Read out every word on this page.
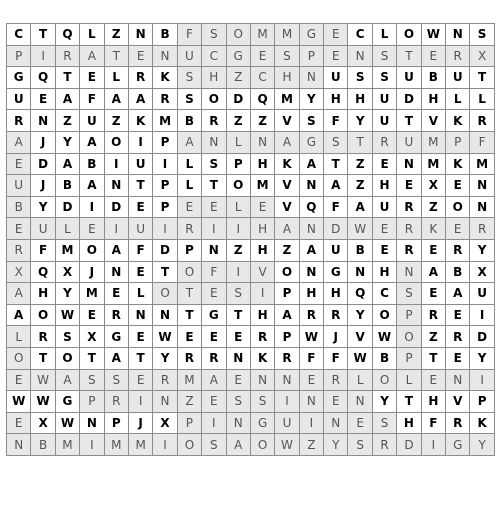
C	T	Q	L	Z	N	B	F	S	O	M	M	G	E	C	L	O	W	N	S
P	I	R	A	T	E	N	U	C	G	E	S	P	E	N	S	T	E	R	X
G	Q	T	E	L	R	K	S	H	Z	C	H	N	U	S	S	U	B	U	T
U	E	A	F	A	A	R	S	O	D	Q	M	Y	H	H	U	D	H	L	L
R	N	Z	U	Z	K	M	B	R	Z	Z	V	S	F	Y	U	T	V	K	R
A	J	Y	A	O	I	P	A	N	L	N	A	G	S	T	R	U	M	P	F
E	D	A	B	I	U	I	L	S	P	H	K	A	T	Z	E	N	M	K	M
U	J	B	A	N	T	P	L	T	O	M	V	N	A	Z	H	E	X	E	N
B	Y	D	I	D	E	P	E	E	L	E	V	Q	F	A	U	R	Z	O	N
E	U	L	E	I	U	I	R	I	I	H	A	N	D	W	E	R	K	E	R
R	F	M	O	A	F	D	P	N	Z	H	Z	A	U	B	E	R	E	R	Y
X	Q	X	J	N	E	T	O	F	I	V	O	N	G	N	H	N	A	B	X
A	H	Y	M	E	L	O	T	E	S	I	P	H	H	Q	C	S	E	A	U
A	O	W	E	R	N	N	T	G	T	H	A	R	R	Y	O	P	R	E	I
L	R	S	X	G	E	W	E	E	E	R	P	W	J	V	W	O	Z	R	D
O	T	O	T	A	T	Y	R	R	N	K	R	F	F	W	B	P	T	E	Y
E	W	A	S	S	E	R	M	A	E	N	N	E	R	L	O	L	E	N	I
W	W	G	P	R	I	N	Z	E	S	S	I	N	E	N	Y	T	H	V	P
E	X	W	N	P	J	X	P	I	N	G	U	I	N	E	S	H	F	R	K
N	B	M	I	M	M	I	O	S	A	O	W	Z	Y	S	R	D	I	G	Y
